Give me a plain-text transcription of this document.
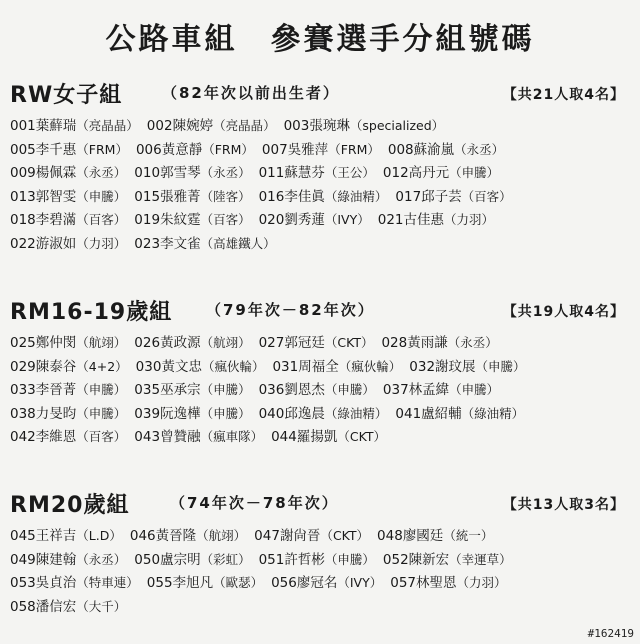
公路車組　參賽選手分組號碼
RW女子組	（82年次以前出生者）	【共21人取4名】
001葉蘚瑞（亮晶晶） 002陳婉婷（亮晶晶） 003張琬琳（specialized）
005李千惠（FRM） 006黃意靜（FRM） 007吳雅萍（FRM） 008蘇渝嵐（永丞）
009楊佩霖（永丞） 010郭雪琴（永丞） 011蘇慧芬（王公） 012高丹元（申騰）
013郭智雯（申騰） 015張雅菁（陸客） 016李佳眞（綠油精） 017邱子芸（百客）
018李碧滿（百客） 019朱紋霆（百客） 020劉秀蓮（IVY） 021古佳惠（力羽）
022游淑如（力羽） 023李文雀（高雄鐵人）
RM16-19歲組 （79年次－82年次）	【共19人取4名】
025鄭仲閔（航翊） 026黃政源（航翊） 027郭冠廷（CKT） 028黃雨謙（永丞）
029陳泰谷（4+2） 030黃文忠（瘋伙輪） 031周福全（瘋伙輪） 032謝玟展（申騰）
033李晉菁（申騰） 035巫承宗（申騰） 036劉恩杰（申騰） 037林孟緯（申騰）
038力旻昀（申騰） 039阮逸樺（申騰） 040邱逸晨（綠油精） 041盧紹輔（綠油精）
042李維恩（百客） 043曾贊融（瘋車隊） 044羅揚凱（CKT）
RM20歲組	（74年次－78年次）	【共13人取3名】
045王祥吉（L.D） 046黃晉隆（航翊） 047謝尙晉（CKT） 048廖國廷（統一）
049陳建翰（永丞） 050盧宗明（彩虹） 051許哲彬（申騰） 052陳新宏（幸運草）
053吳貞治（特車連） 055李旭凡（歐瑟） 056廖冠名（IVY） 057林聖恩（力羽）
058潘信宏（大千）
#162419
